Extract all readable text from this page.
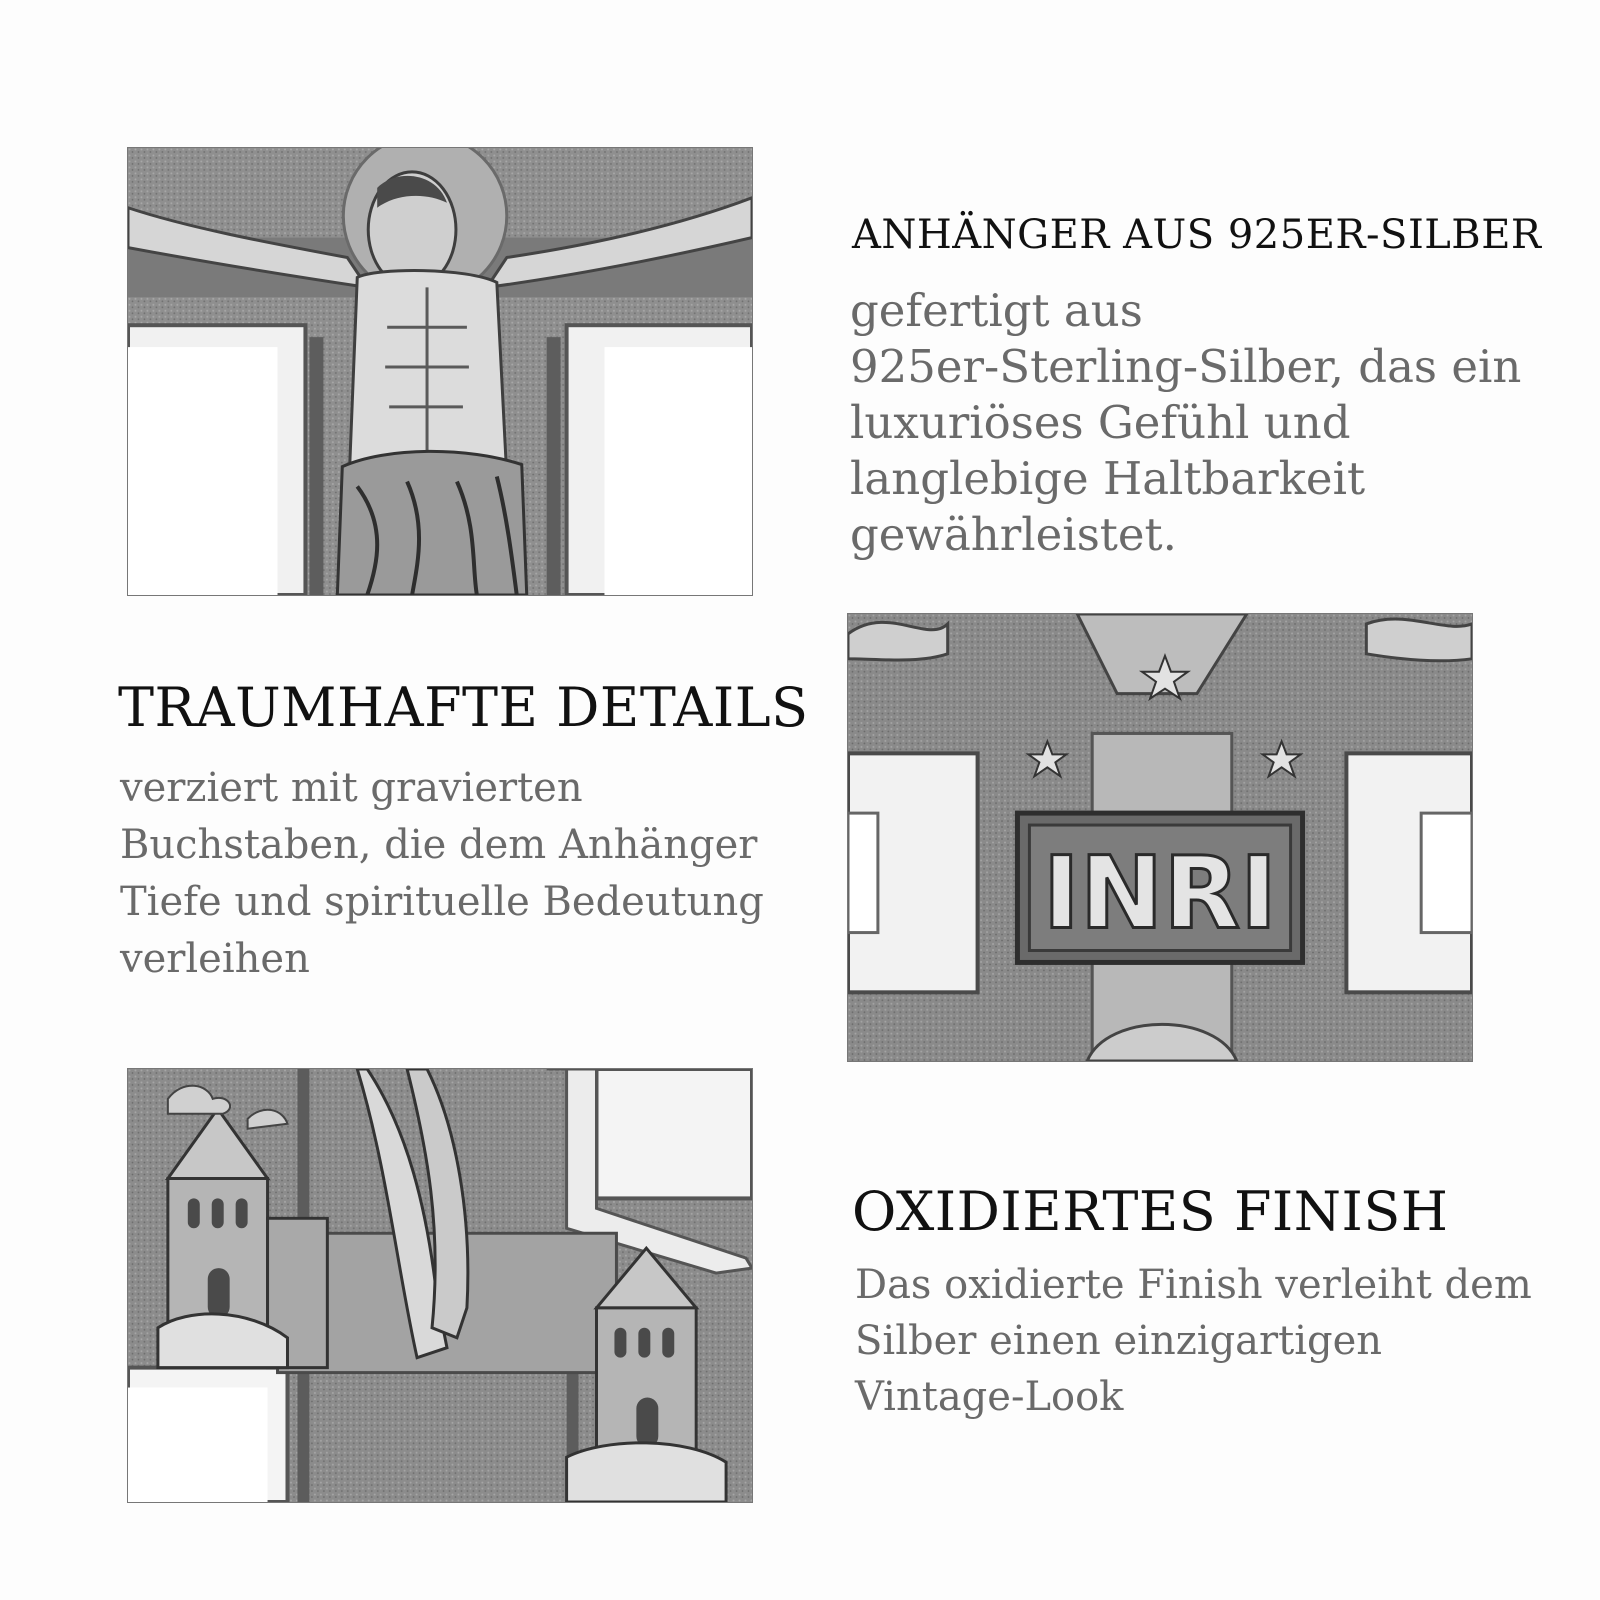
ANHÄNGER AUS 925ER-SILBER

gefertigt aus
925er-Sterling-Silber, das ein
luxuriöses Gefühl und
langlebige Haltbarkeit
gewährleistet.

TRAUMHAFTE DETAILS

verziert mit gravierten
Buchstaben, die dem Anhänger
Tiefe und spirituelle Bedeutung
verleihen

INRI
OXIDIERTES FINISH

Das oxidierte Finish verleiht dem
Silber einen einzigartigen
Vintage-Look
